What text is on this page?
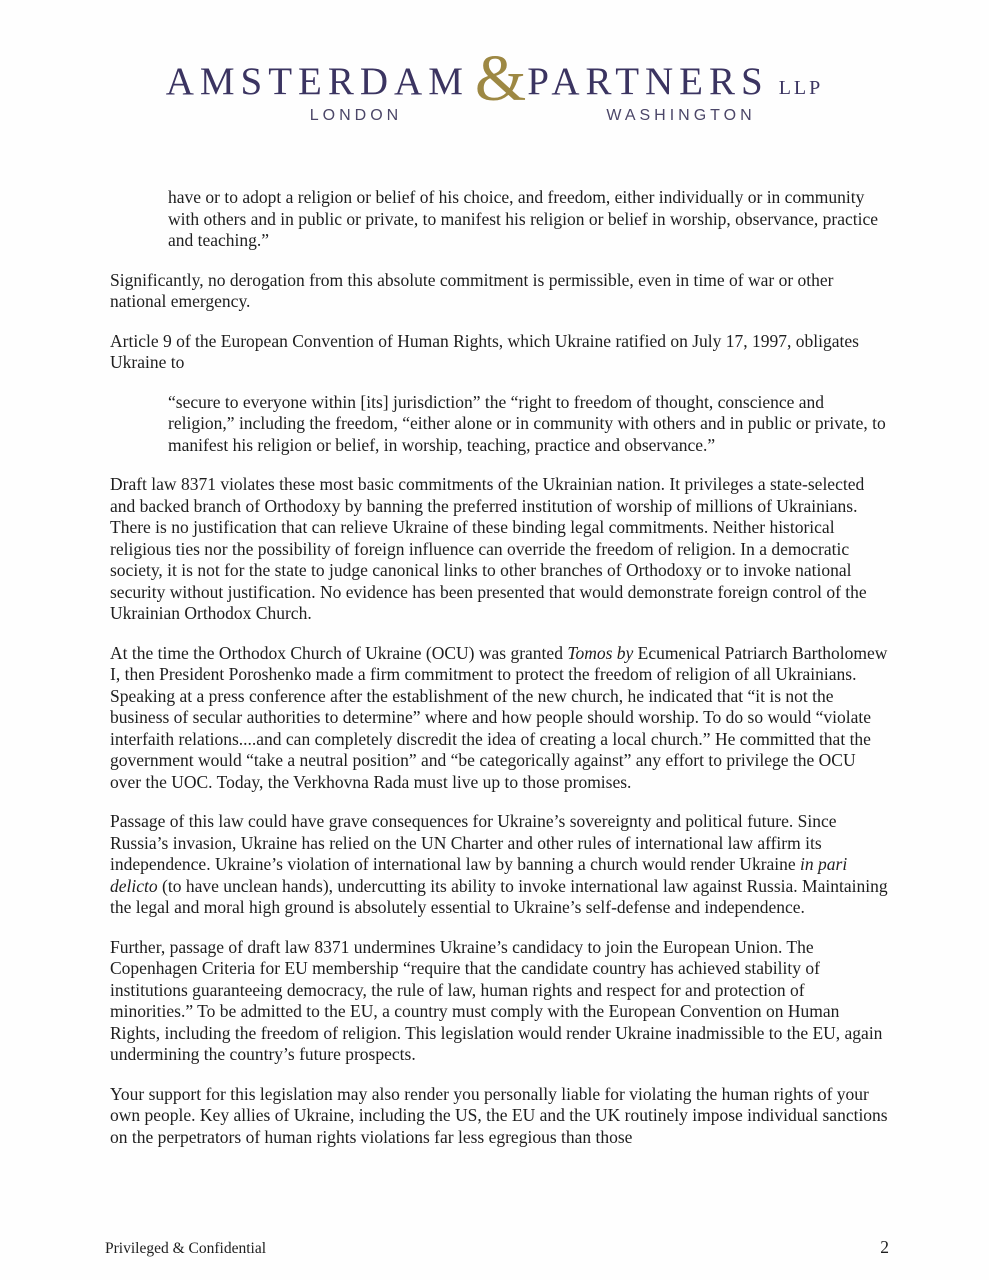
AMSTERDAM & PARTNERS LLP
LONDON	WASHINGTON

have or to adopt a religion or belief of his choice, and freedom, either individually or in community with others and in public or private, to manifest his religion or belief in worship, observance, practice and teaching.”

Significantly, no derogation from this absolute commitment is permissible, even in time of war or other national emergency.

Article 9 of the European Convention of Human Rights, which Ukraine ratified on July 17, 1997, obligates Ukraine to

“secure to everyone within [its] jurisdiction” the “right to freedom of thought, conscience and religion,” including the freedom, “either alone or in community with others and in public or private, to manifest his religion or belief, in worship, teaching, practice and observance.”

Draft law 8371 violates these most basic commitments of the Ukrainian nation. It privileges a state-selected and backed branch of Orthodoxy by banning the preferred institution of worship of millions of Ukrainians. There is no justification that can relieve Ukraine of these binding legal commitments. Neither historical religious ties nor the possibility of foreign influence can override the freedom of religion. In a democratic society, it is not for the state to judge canonical links to other branches of Orthodoxy or to invoke national security without justification. No evidence has been presented that would demonstrate foreign control of the Ukrainian Orthodox Church.

At the time the Orthodox Church of Ukraine (OCU) was granted Tomos by Ecumenical Patriarch Bartholomew I, then President Poroshenko made a firm commitment to protect the freedom of religion of all Ukrainians. Speaking at a press conference after the establishment of the new church, he indicated that “it is not the business of secular authorities to determine” where and how people should worship. To do so would “violate interfaith relations....and can completely discredit the idea of creating a local church.” He committed that the government would “take a neutral position” and “be categorically against” any effort to privilege the OCU over the UOC. Today, the Verkhovna Rada must live up to those promises.

Passage of this law could have grave consequences for Ukraine’s sovereignty and political future. Since Russia’s invasion, Ukraine has relied on the UN Charter and other rules of international law affirm its independence. Ukraine’s violation of international law by banning a church would render Ukraine in pari delicto (to have unclean hands), undercutting its ability to invoke international law against Russia. Maintaining the legal and moral high ground is absolutely essential to Ukraine’s self-defense and independence.

Further, passage of draft law 8371 undermines Ukraine’s candidacy to join the European Union. The Copenhagen Criteria for EU membership “require that the candidate country has achieved stability of institutions guaranteeing democracy, the rule of law, human rights and respect for and protection of minorities.” To be admitted to the EU, a country must comply with the European Convention on Human Rights, including the freedom of religion. This legislation would render Ukraine inadmissible to the EU, again undermining the country’s future prospects.

Your support for this legislation may also render you personally liable for violating the human rights of your own people. Key allies of Ukraine, including the US, the EU and the UK routinely impose individual sanctions on the perpetrators of human rights violations far less egregious than those

Privileged & Confidential	2
